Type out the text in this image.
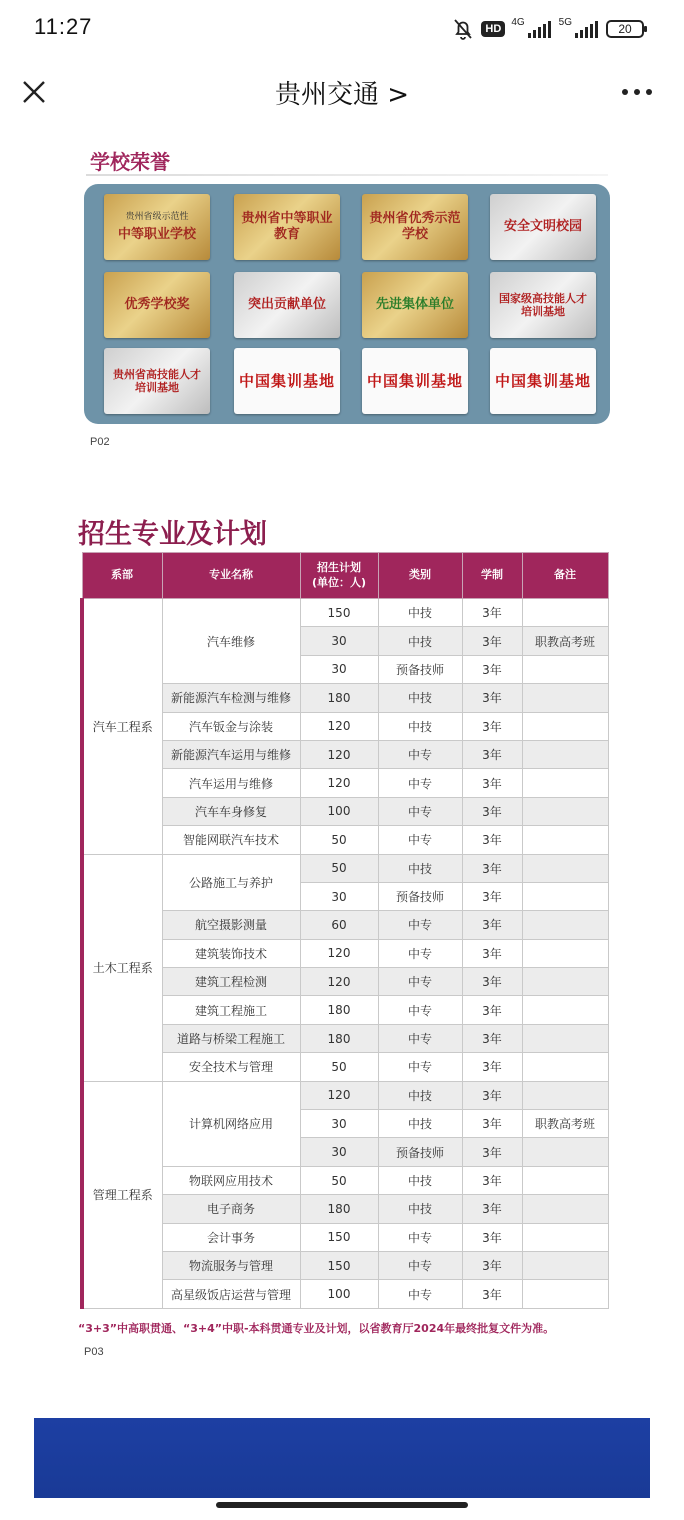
11:27	HD
4G	5G	20
贵州交通 >
学校荣誉
贵州省级示范性
中等职业学校
贵州省中等职业教育
贵州省优秀示范学校
安全文明校园
优秀学校奖	突出贡献单位	先进集体单位	国家级高技能人才培训基地
贵州省高技能人才培训基地	中国集训基地 中国集训基地 中国集训基地
P02
招生专业及计划
系部	专业名称	招生计划
(单位：人)	类别	学制	备注
汽车工程系	汽车维修	150	中技	3年	
		30	中技	3年	职教高考班
		30	预备技师	3年	
	新能源汽车检测与维修	180	中技	3年	
	汽车钣金与涂装	120	中技	3年	
	新能源汽车运用与维修	120	中专	3年	
	汽车运用与维修	120	中专	3年	
	汽车车身修复	100	中专	3年	
	智能网联汽车技术	50	中专	3年	
土木工程系	公路施工与养护	50	中技	3年	
		30	预备技师	3年	
	航空摄影测量	60	中专	3年	
	建筑装饰技术	120	中专	3年	
	建筑工程检测	120	中专	3年	
	建筑工程施工	180	中专	3年	
	道路与桥梁工程施工	180	中专	3年	
	安全技术与管理	50	中专	3年	
管理工程系	计算机网络应用	120	中技	3年	
		30	中技	3年	职教高考班
		30	预备技师	3年	
	物联网应用技术	50	中技	3年	
	电子商务	180	中技	3年	
	会计事务	150	中专	3年	
	物流服务与管理	150	中专	3年	
	高星级饭店运营与管理	100	中专	3年	
“3+3”中高职贯通、“3+4”中职-本科贯通专业及计划，以省教育厅2024年最终批复文件为准。
P03
